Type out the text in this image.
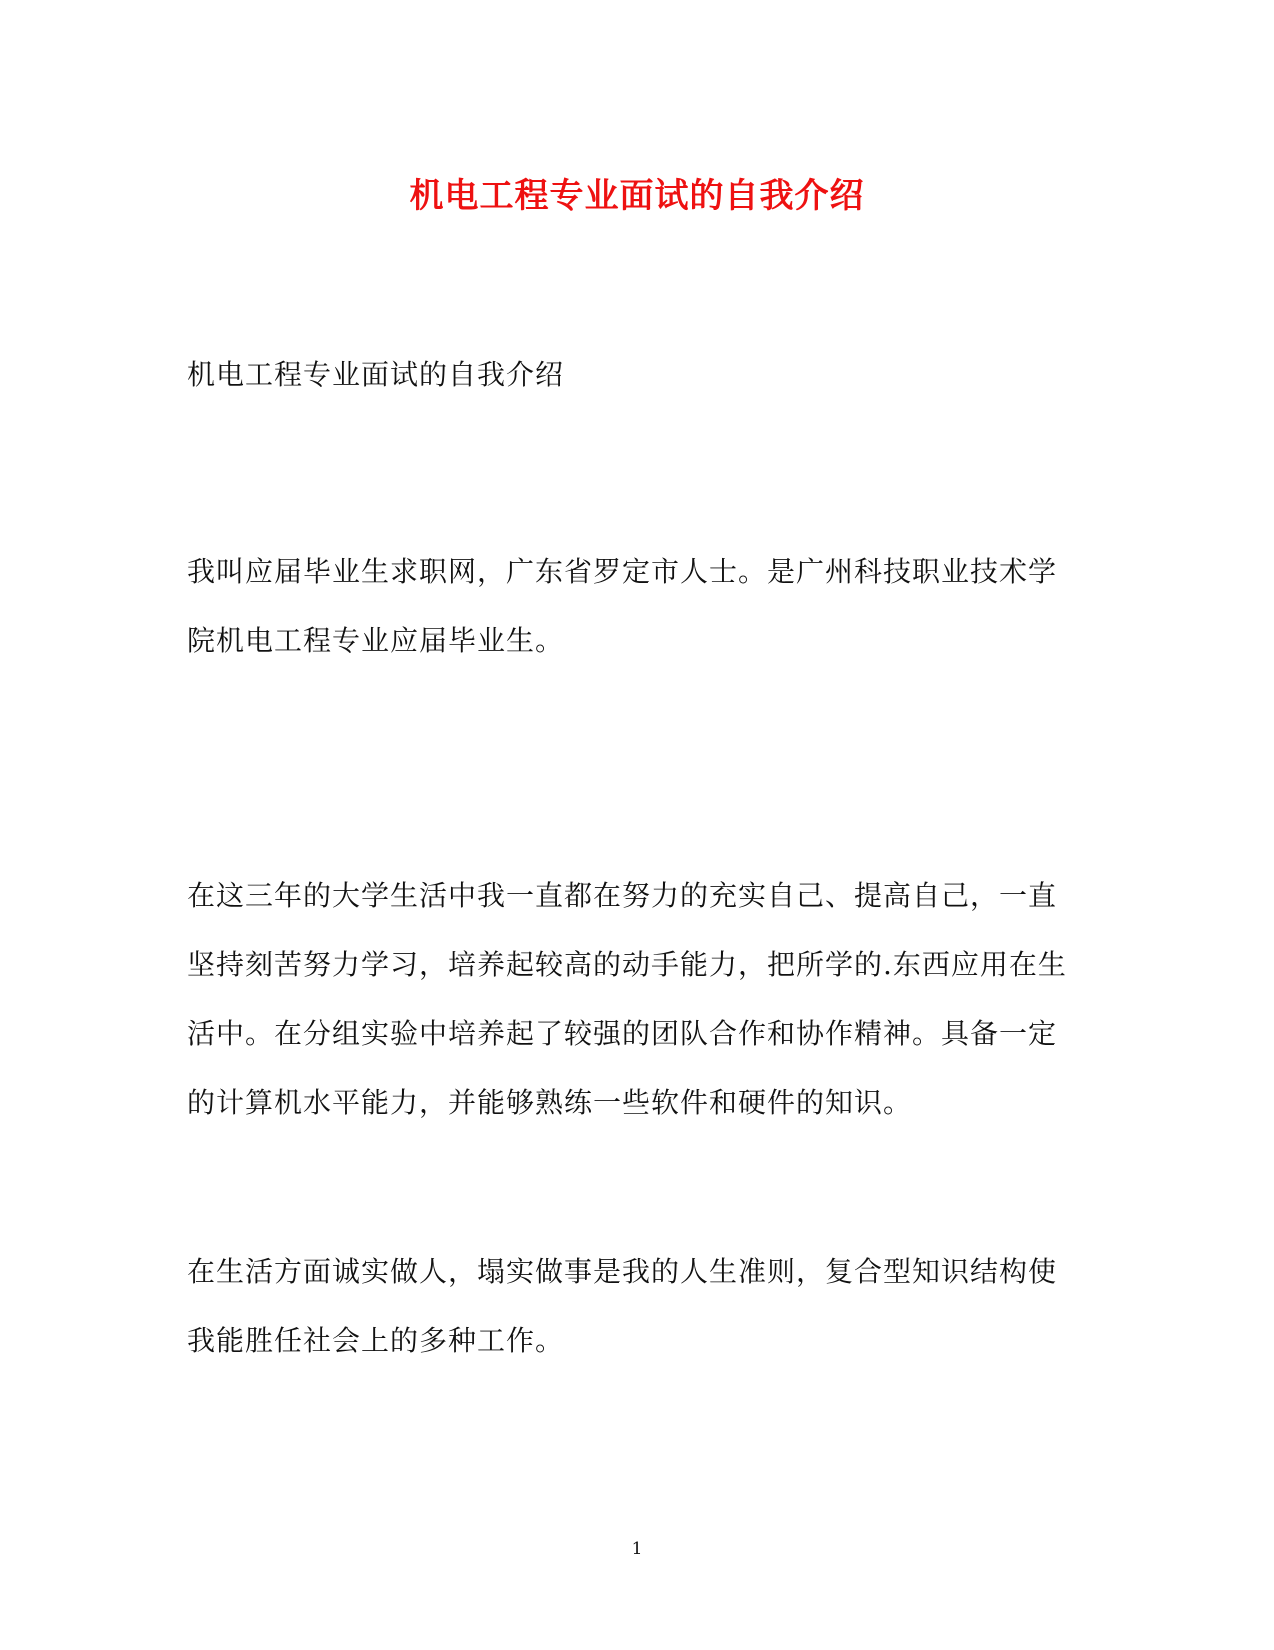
机电工程专业面试的自我介绍

机电工程专业面试的自我介绍

我叫应届毕业生求职网，广东省罗定市人士。是广州科技职业技术学
院机电工程专业应届毕业生。

在这三年的大学生活中我一直都在努力的充实自己、提高自己，一直
坚持刻苦努力学习，培养起较高的动手能力，把所学的.东西应用在生
活中。在分组实验中培养起了较强的团队合作和协作精神。具备一定
的计算机水平能力，并能够熟练一些软件和硬件的知识。

在生活方面诚实做人，塌实做事是我的人生准则，复合型知识结构使
我能胜任社会上的多种工作。

1
